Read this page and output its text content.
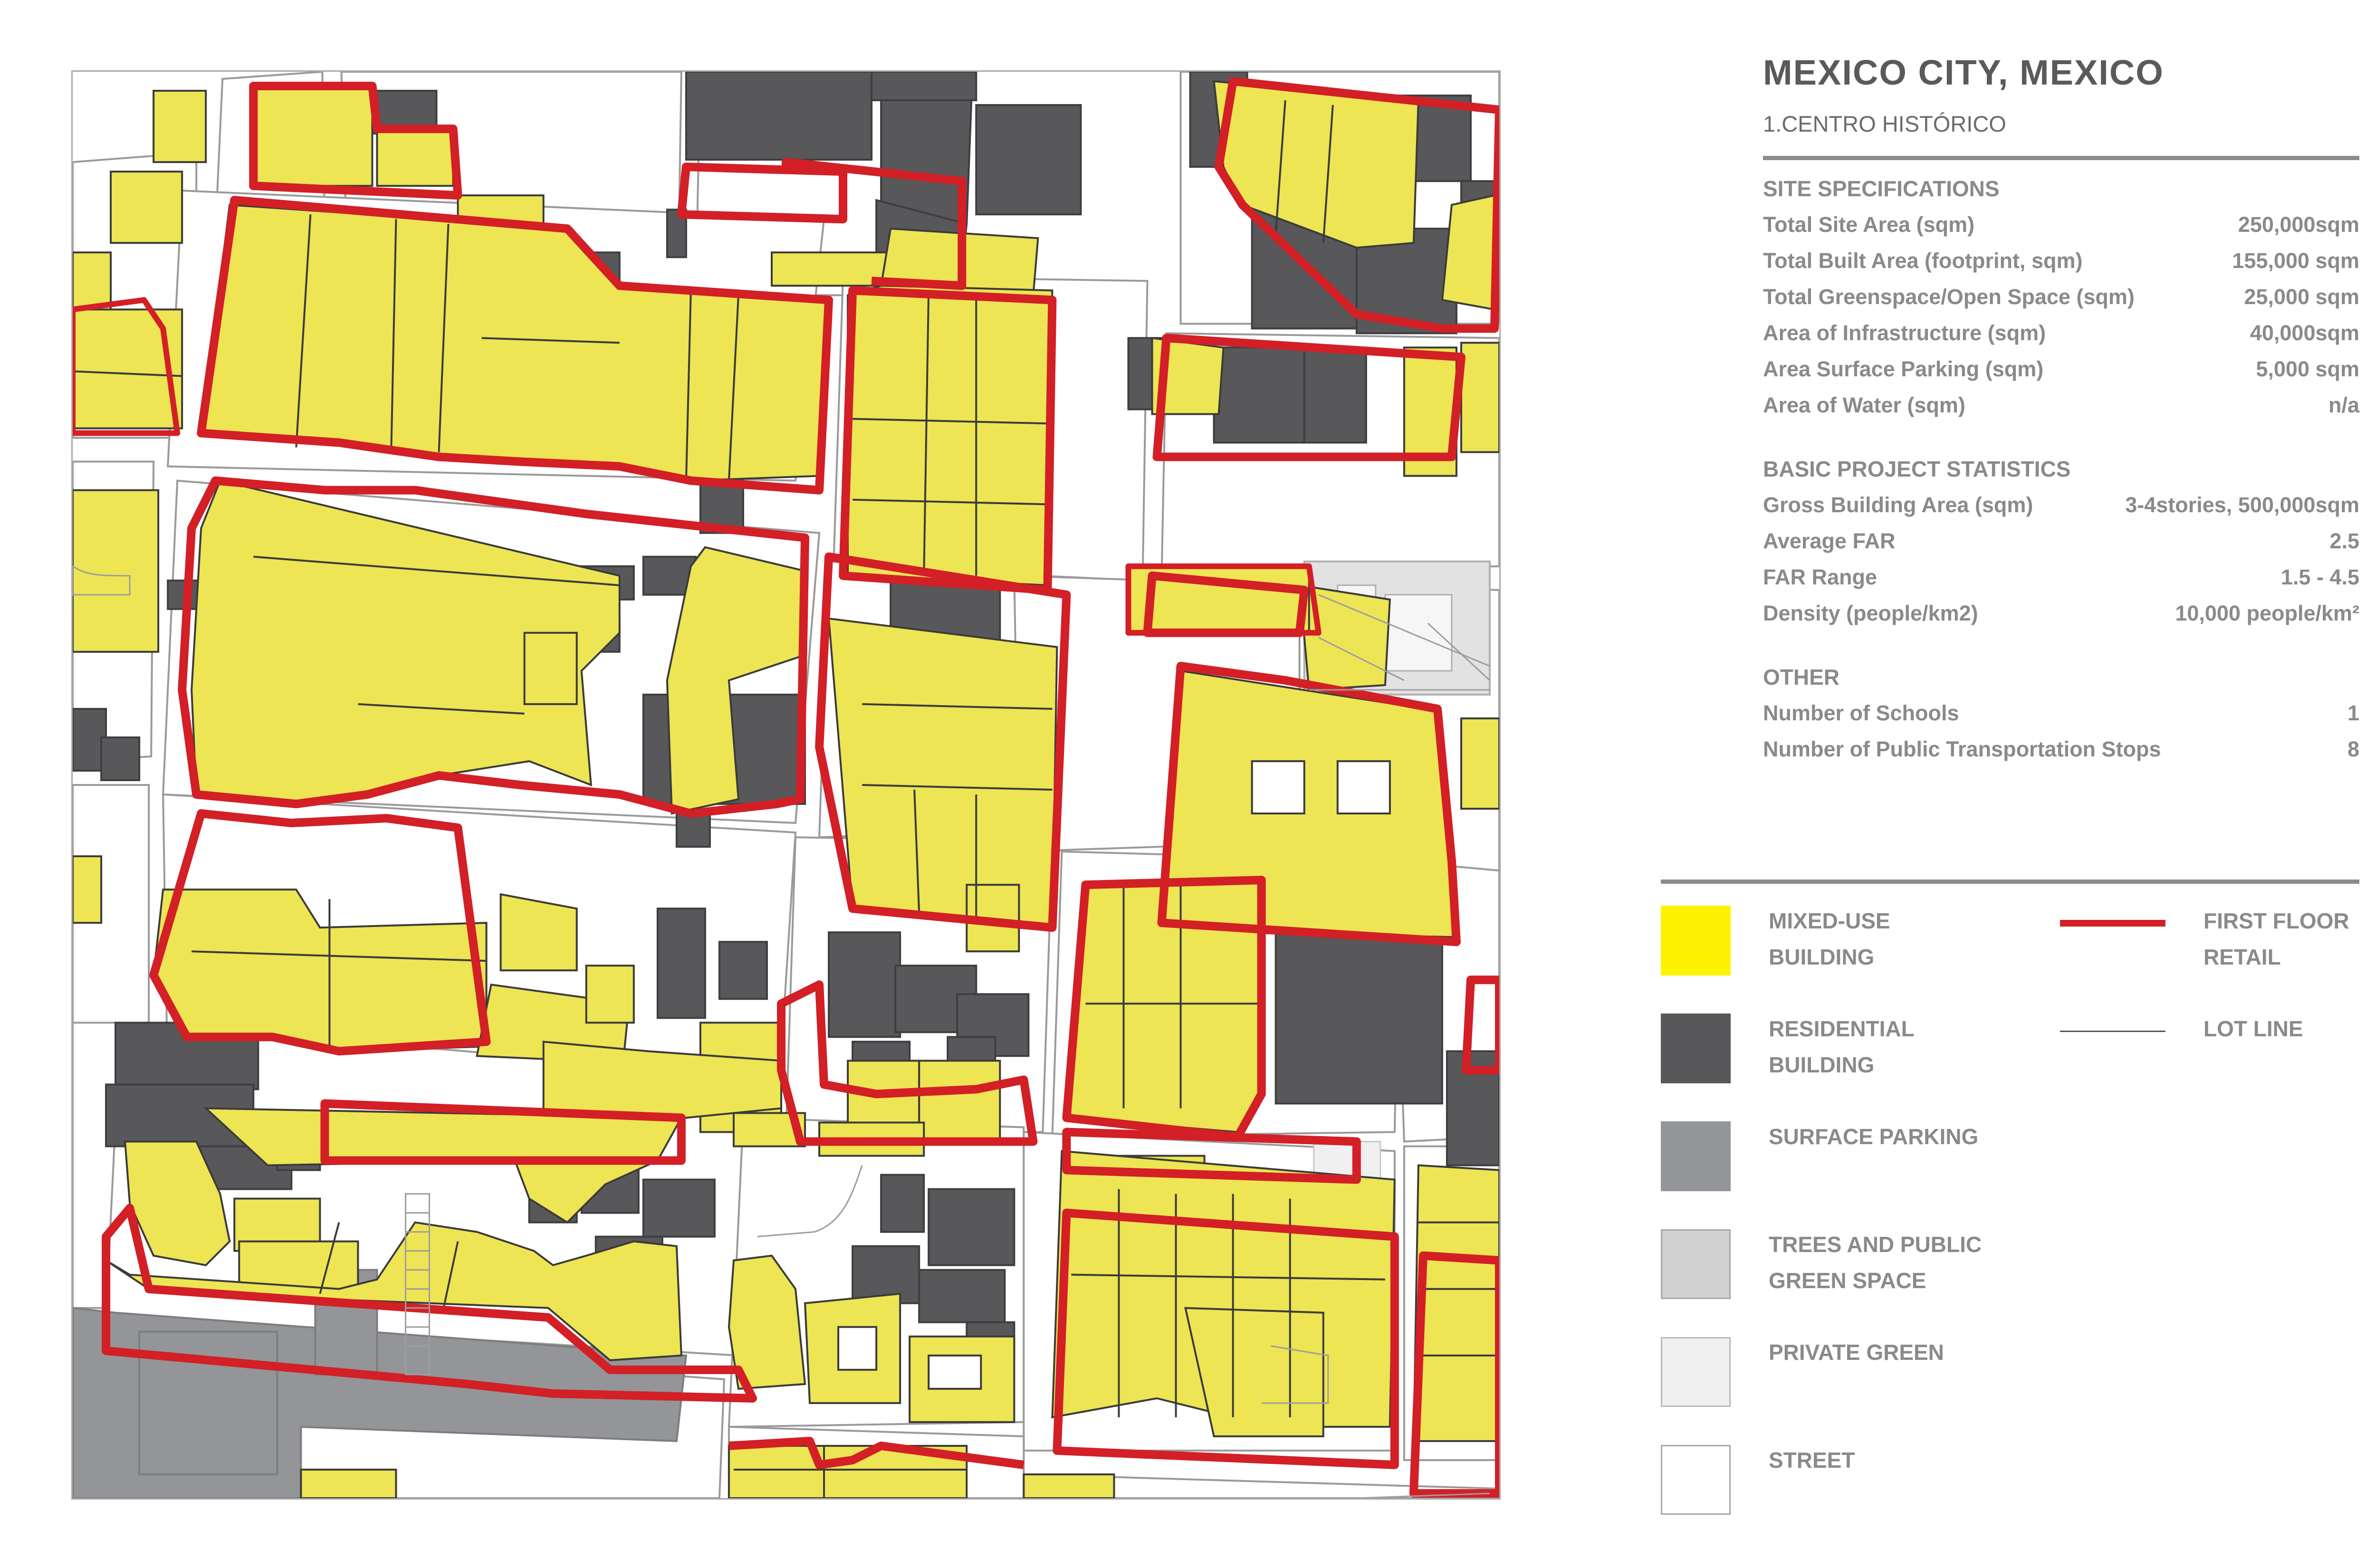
MEXICO CITY, MEXICO
1.CENTRO HISTÓRICO
SITE SPECIFICATIONS
Total Site Area (sqm)	250,000sqm
Total Built Area (footprint, sqm)	155,000 sqm
Total Greenspace/Open Space (sqm)	25,000 sqm
Area of Infrastructure (sqm)	40,000sqm
Area Surface Parking (sqm)	5,000 sqm
Area of Water (sqm)	n/a
BASIC PROJECT STATISTICS
Gross Building Area (sqm)	3-4stories, 500,000sqm
Average FAR	2.5
FAR Range	1.5 - 4.5
Density (people/km2)	10,000 people/km²
OTHER
Number of Schools	1
Number of Public Transportation Stops	8
MIXED-USE
BUILDING
RESIDENTIAL
BUILDING
SURFACE PARKING
TREES AND PUBLIC
GREEN SPACE
PRIVATE GREEN
STREET
FIRST FLOOR
RETAIL
LOT LINE
